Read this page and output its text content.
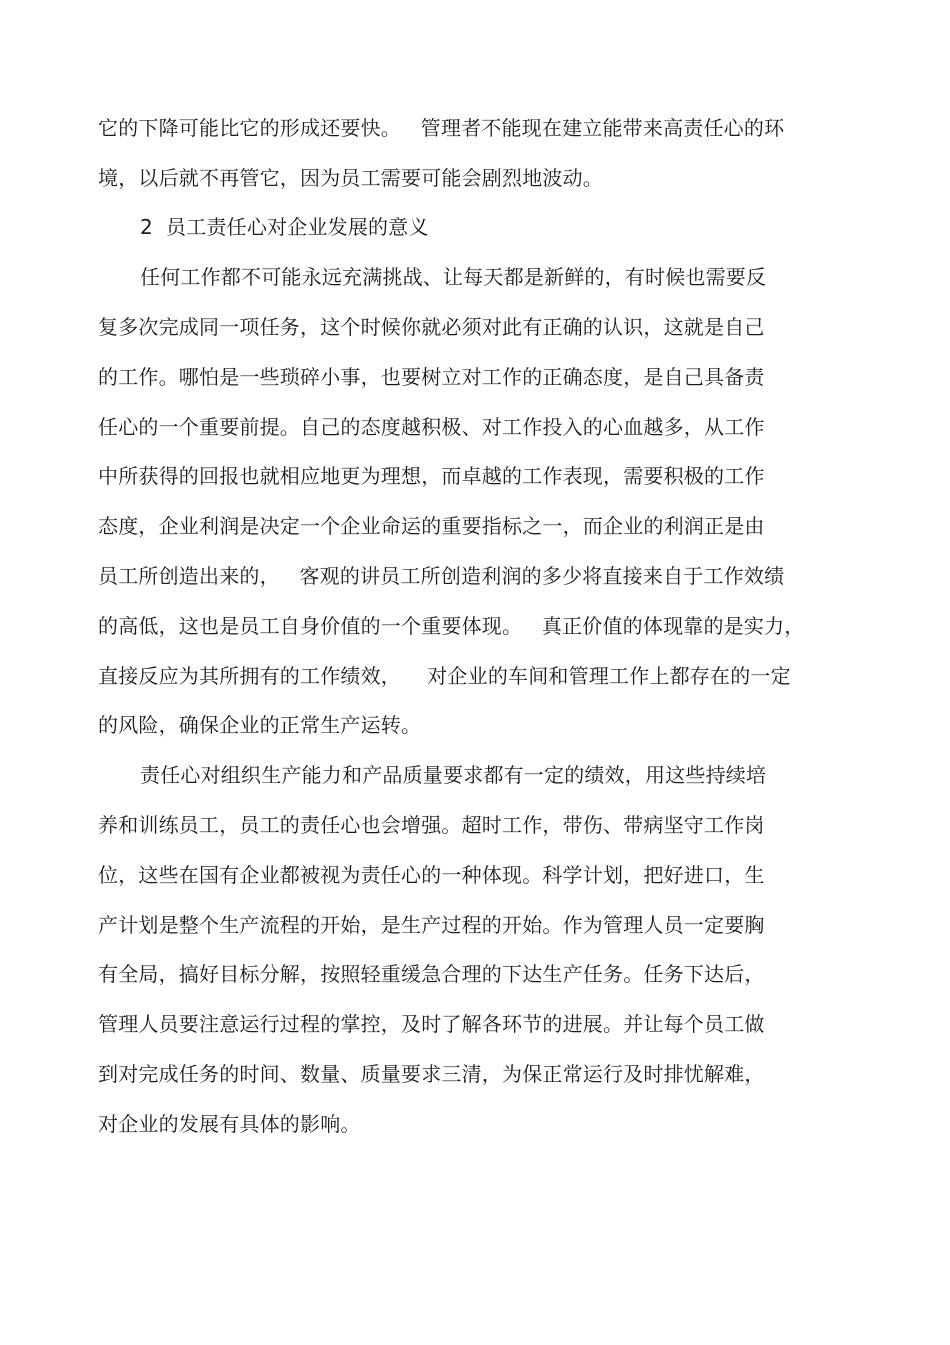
它的下降可能比它的形成还要快。   管理者不能现在建立能带来高责任心的环
境，以后就不再管它，因为员工需要可能会剧烈地波动。
2  员工责任心对企业发展的意义
任何工作都不可能永远充满挑战、让每天都是新鲜的，有时候也需要反
复多次完成同一项任务，这个时候你就必须对此有正确的认识，这就是自己
的工作。哪怕是一些琐碎小事，也要树立对工作的正确态度，是自己具备责
任心的一个重要前提。自己的态度越积极、对工作投入的心血越多，从工作
中所获得的回报也就相应地更为理想，而卓越的工作表现，需要积极的工作
态度，企业利润是决定一个企业命运的重要指标之一，而企业的利润正是由
员工所创造出来的，   客观的讲员工所创造利润的多少将直接来自于工作效绩
的高低，这也是员工自身价值的一个重要体现。   真正价值的体现靠的是实力，
直接反应为其所拥有的工作绩效，    对企业的车间和管理工作上都存在的一定
的风险，确保企业的正常生产运转。
责任心对组织生产能力和产品质量要求都有一定的绩效，用这些持续培
养和训练员工，员工的责任心也会增强。超时工作，带伤、带病坚守工作岗
位，这些在国有企业都被视为责任心的一种体现。科学计划，把好进口，生
产计划是整个生产流程的开始，是生产过程的开始。作为管理人员一定要胸
有全局，搞好目标分解，按照轻重缓急合理的下达生产任务。任务下达后，
管理人员要注意运行过程的掌控，及时了解各环节的进展。并让每个员工做
到对完成任务的时间、数量、质量要求三清，为保正常运行及时排忧解难，
对企业的发展有具体的影响。
